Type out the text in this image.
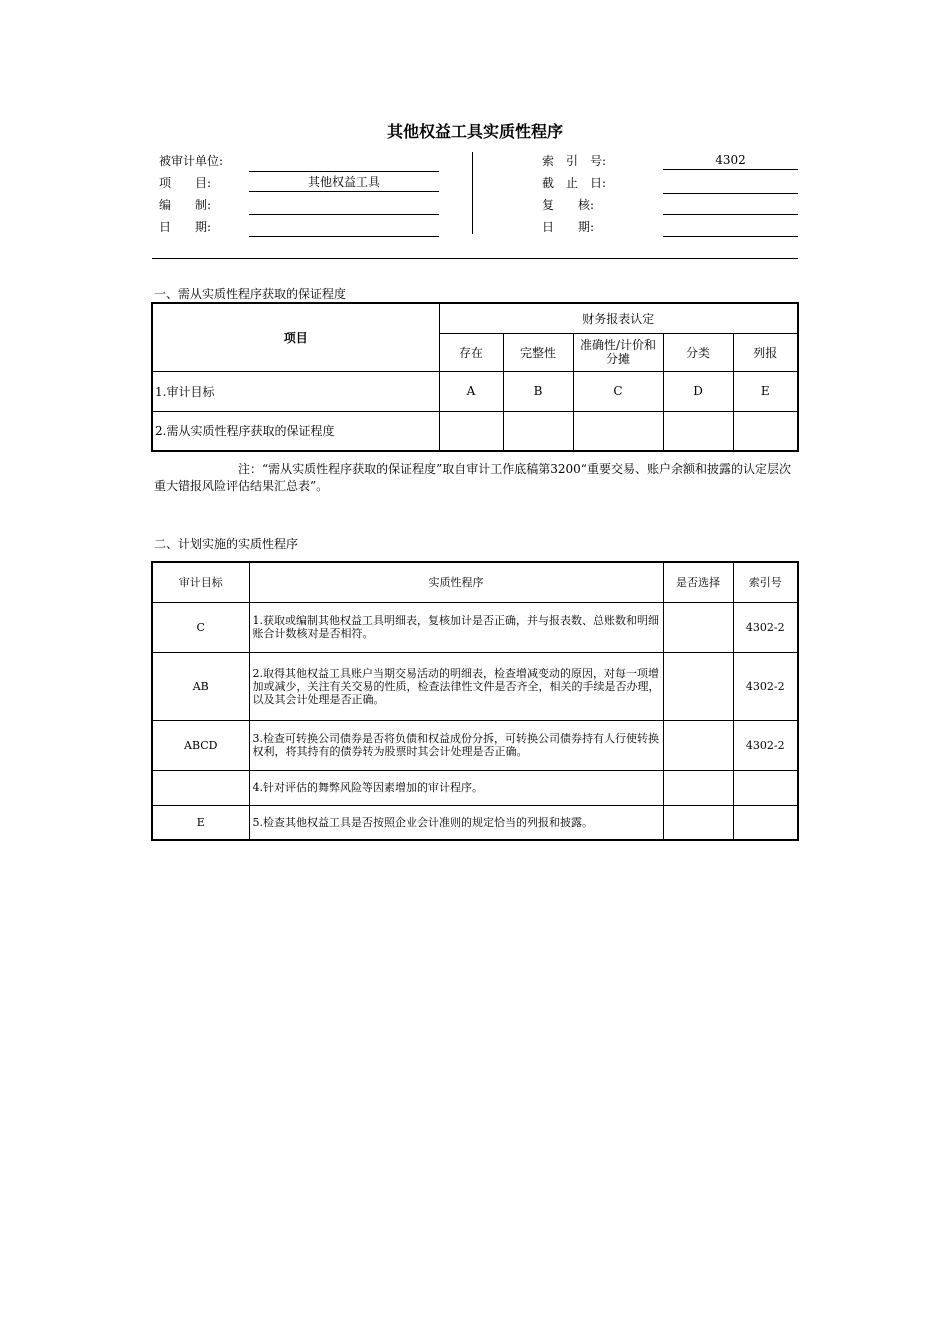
其他权益工具实质性程序
被审计单位:
项　　目:	其他权益工具
编　　制:
日　　期:
索　引　号:	4302
截　止　日:
复　　核:
日　　期:
一、需从实质性程序获取的保证程度
项目	财务报表认定				
	存在	完整性	准确性/计价和分摊	分类	列报
1.审计目标	A	B	C	D	E
2.需从实质性程序获取的保证程度					
注：“需从实质性程序获取的保证程度”取自审计工作底稿第3200“重要交易、账户余额和披露的认定层次重大错报风险评估结果汇总表”。
二、计划实施的实质性程序
审计目标	实质性程序	是否选择	索引号
C	1.获取或编制其他权益工具明细表，复核加计是否正确，并与报表数、总账数和明细账合计数核对是否相符。		4302-2
AB	2.取得其他权益工具账户当期交易活动的明细表，检查增减变动的原因，对每一项增加或减少，关注有关交易的性质，检查法律性文件是否齐全，相关的手续是否办理，以及其会计处理是否正确。		4302-2
ABCD	3.检查可转换公司债券是否将负债和权益成份分拆，可转换公司债券持有人行使转换权利，将其持有的债券转为股票时其会计处理是否正确。		4302-2
	4.针对评估的舞弊风险等因素增加的审计程序。		
E	5.检查其他权益工具是否按照企业会计准则的规定恰当的列报和披露。		
